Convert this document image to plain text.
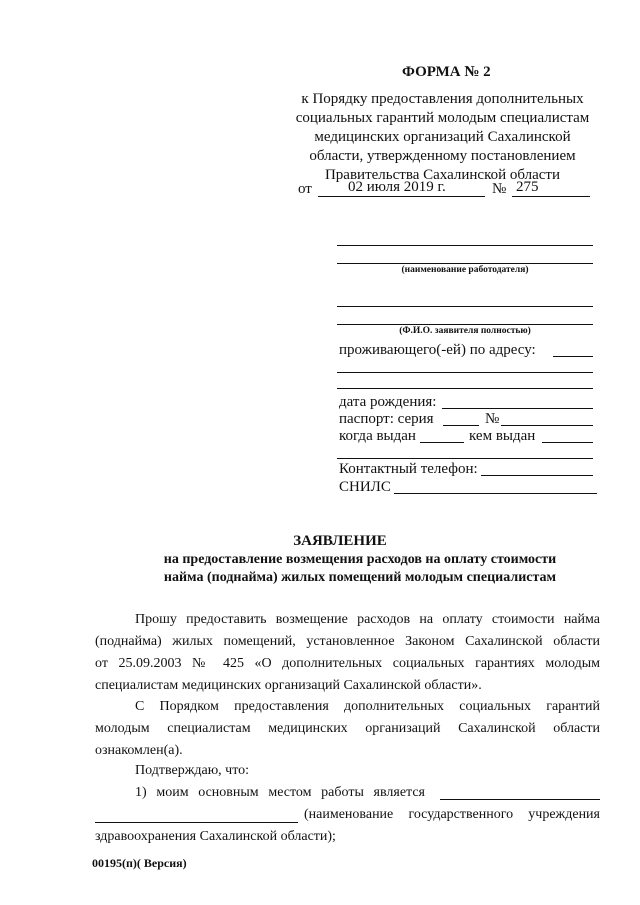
ФОРМА № 2
к Порядку предоставления дополнительных
социальных гарантий молодым специалистам
медицинских организаций Сахалинской
области, утвержденному постановлением
Правительства Сахалинской области
от 02 июля 2019 г.	№ 275
(наименование работодателя)
(Ф.И.О. заявителя полностью)
проживающего(-ей) по адресу:
дата рождения:
паспорт: серия	№
когда выдан	кем выдан
Контактный телефон:
СНИЛС
ЗАЯВЛЕНИЕ
на предоставление возмещения расходов на оплату стоимости
найма (поднайма) жилых помещений молодым специалистам
Прошу предоставить возмещение расходов на оплату стоимости найма
(поднайма) жилых помещений, установленное Законом Сахалинской области
от 25.09.2003 № 425 «О дополнительных социальных гарантиях молодым
специалистам медицинских организаций Сахалинской области».
С Порядком предоставления дополнительных социальных гарантий
молодым специалистам медицинских организаций Сахалинской области
ознакомлен(а).
Подтверждаю, что:
1) моим основным местом работы является
(наименование государственного учреждения
здравоохранения Сахалинской области);
00195(п)( Версия)
